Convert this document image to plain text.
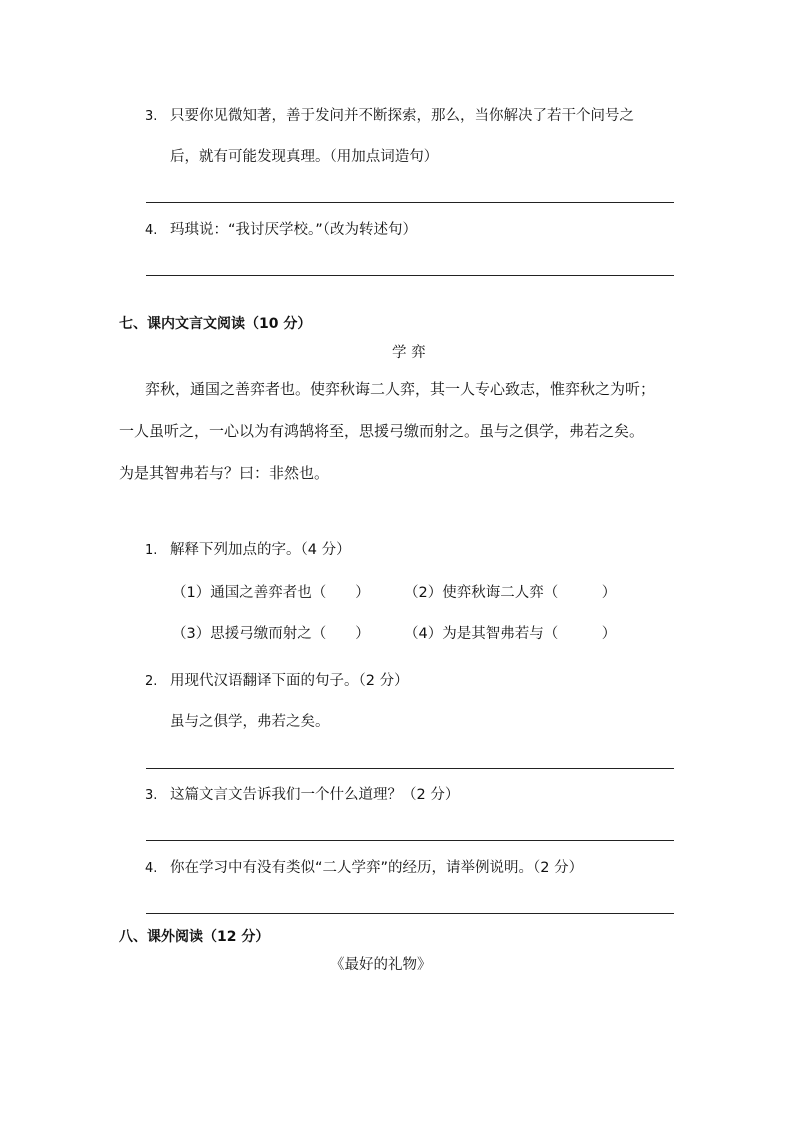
3. 只要你见微知著，善于发问并不断探索，那么，当你解决了若干个问号之
后，就有可能发现真理。（用加点词造句）
4. 玛琪说：“我讨厌学校。”（改为转述句）
七、课内文言文阅读（10 分）
学 弈
弈秋，通国之善弈者也。使弈秋诲二人弈，其一人专心致志，惟弈秋之为听；
一人虽听之，一心以为有鸿鹄将至，思援弓缴而射之。虽与之俱学，弗若之矣。
为是其智弗若与？曰：非然也。
1. 解释下列加点的字。（4 分）
（1）通国之善弈者也（　　） （2）使弈秋诲二人弈（　　　）
（3）思援弓缴而射之（　　） （4）为是其智弗若与（　　　）
2. 用现代汉语翻译下面的句子。（2 分）
虽与之俱学，弗若之矣。
3. 这篇文言文告诉我们一个什么道理？（2 分）
4. 你在学习中有没有类似“二人学弈”的经历，请举例说明。（2 分）
八、课外阅读（12 分）
《最好的礼物》
